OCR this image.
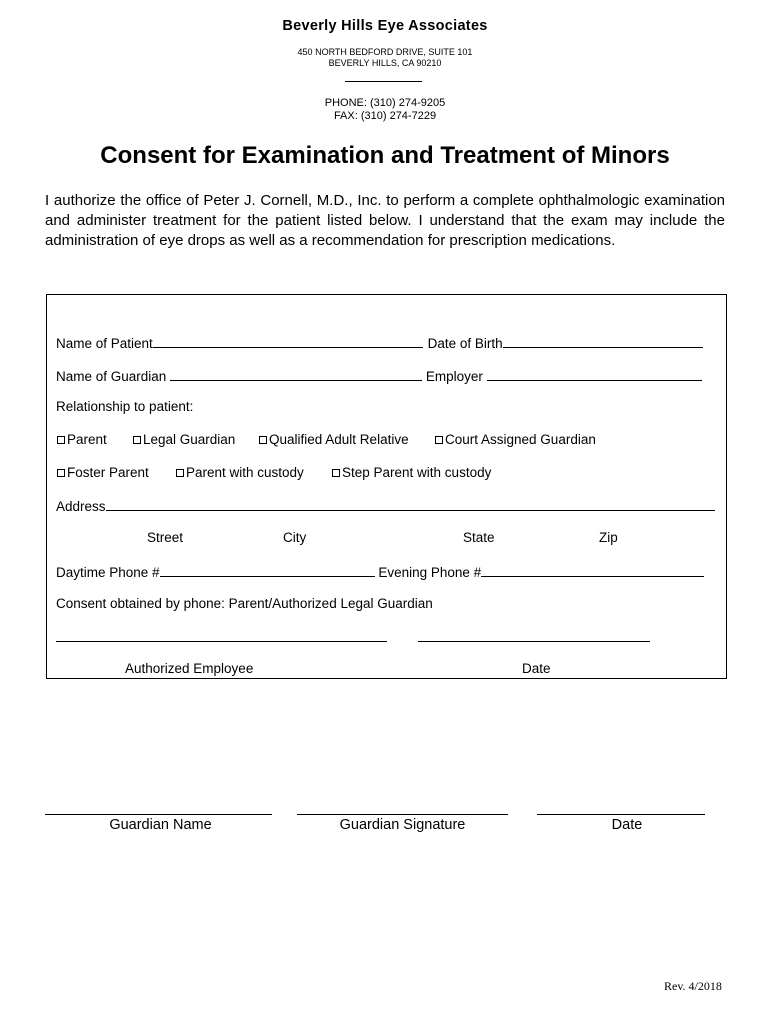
Beverly Hills Eye Associates
450 NORTH BEDFORD DRIVE, SUITE 101
BEVERLY HILLS, CA 90210
PHONE: (310) 274-9205
FAX: (310) 274-7229
Consent for Examination and Treatment of Minors
I authorize the office of Peter J. Cornell, M.D., Inc. to perform a complete ophthalmologic examination and administer treatment for the patient listed below. I understand that the exam may include the administration of eye drops as well as a recommendation for prescription medications.
Name of Patient	Date of Birth
Name of Guardian	Employer
Relationship to patient:
Parent	Legal Guardian	Qualified Adult Relative	Court Assigned Guardian
Foster Parent	Parent with custody	Step Parent with custody
Address
Street	City	State	Zip
Daytime Phone #	Evening Phone #
Consent obtained by phone: Parent/Authorized Legal Guardian
Authorized Employee	Date
Guardian Name	Guardian Signature	Date
Rev. 4/2018
